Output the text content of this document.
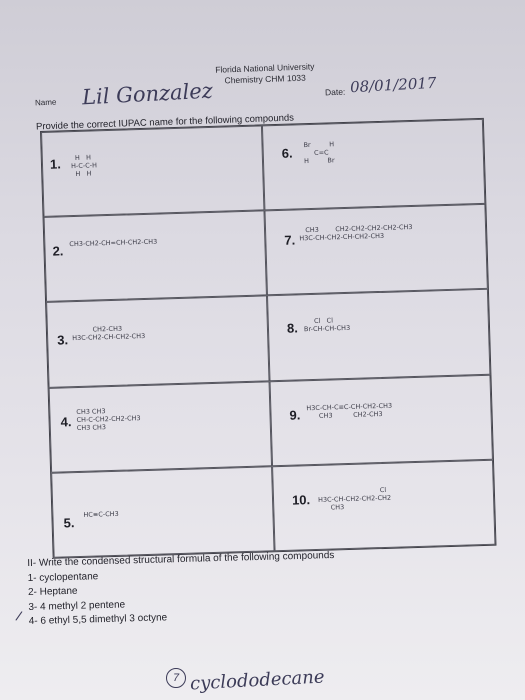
Florida National University
Chemistry CHM 1033
Name Lil Gonzalez	Date: 08/01/2017
Provide the correct IUPAC name for the following compounds
1. H   H
H-C-C-H
H   H
6.
Br         H
C=C
H         Br
2.
CH3-CH2-CH=CH-CH2-CH3	7.
CH3        CH2-CH2-CH2-CH2-CH3
H3C-CH-CH2-CH-CH2-CH3
3.
CH2-CH3
H3C-CH2-CH-CH2-CH3
8. Cl   Cl
Br-CH-CH-CH3
4.
CH3 CH3
CH-C-CH2-CH2-CH3
CH3 CH3
9.
H3C-CH-C≡C-CH-CH2-CH3
CH3          CH2-CH3
5.
HC≡C-CH3
10.
Cl
H3C-CH-CH2-CH2-CH2
CH3
II- Write the condensed structural formula of the following compounds
1- cyclopentane
2- Heptane
3- 4 methyl 2 pentene
4- 6 ethyl 5,5 dimethyl 3 octyne
/
7 cyclododecane
